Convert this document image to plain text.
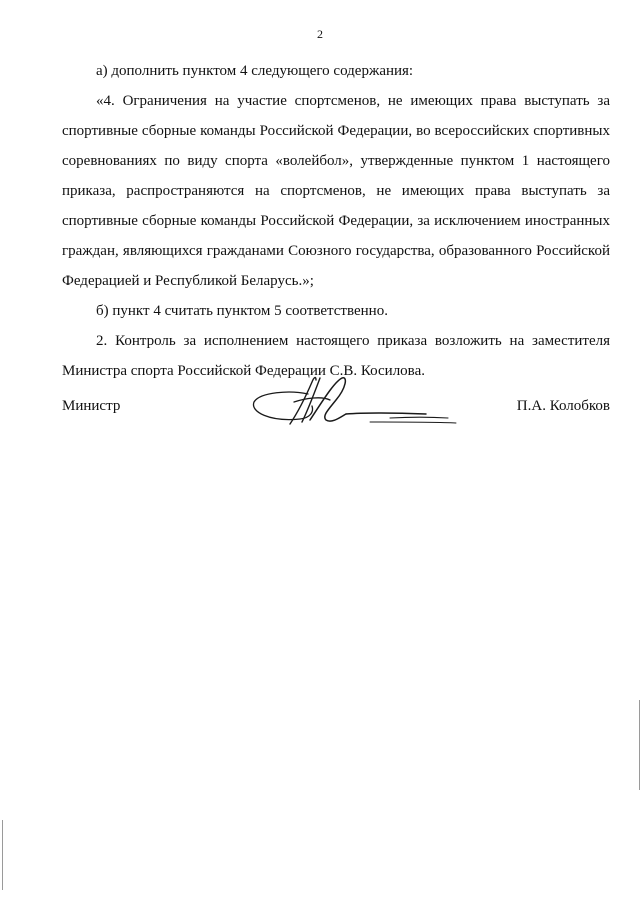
2

а) дополнить пунктом 4 следующего содержания:

«4. Ограничения на участие спортсменов, не имеющих права выступать за спортивные сборные команды Российской Федерации, во всероссийских спортивных соревнованиях по виду спорта «волейбол», утвержденные пунктом 1 настоящего приказа, распространяются на спортсменов, не имеющих права выступать за спортивные сборные команды Российской Федерации, за исключением иностранных граждан, являющихся гражданами Союзного государства, образованного Российской Федерацией и Республикой Беларусь.»;

б) пункт 4 считать пунктом 5 соответственно.

2. Контроль за исполнением настоящего приказа возложить на заместителя Министра спорта Российской Федерации С.В. Косилова.

Министр	П.А. Колобков
